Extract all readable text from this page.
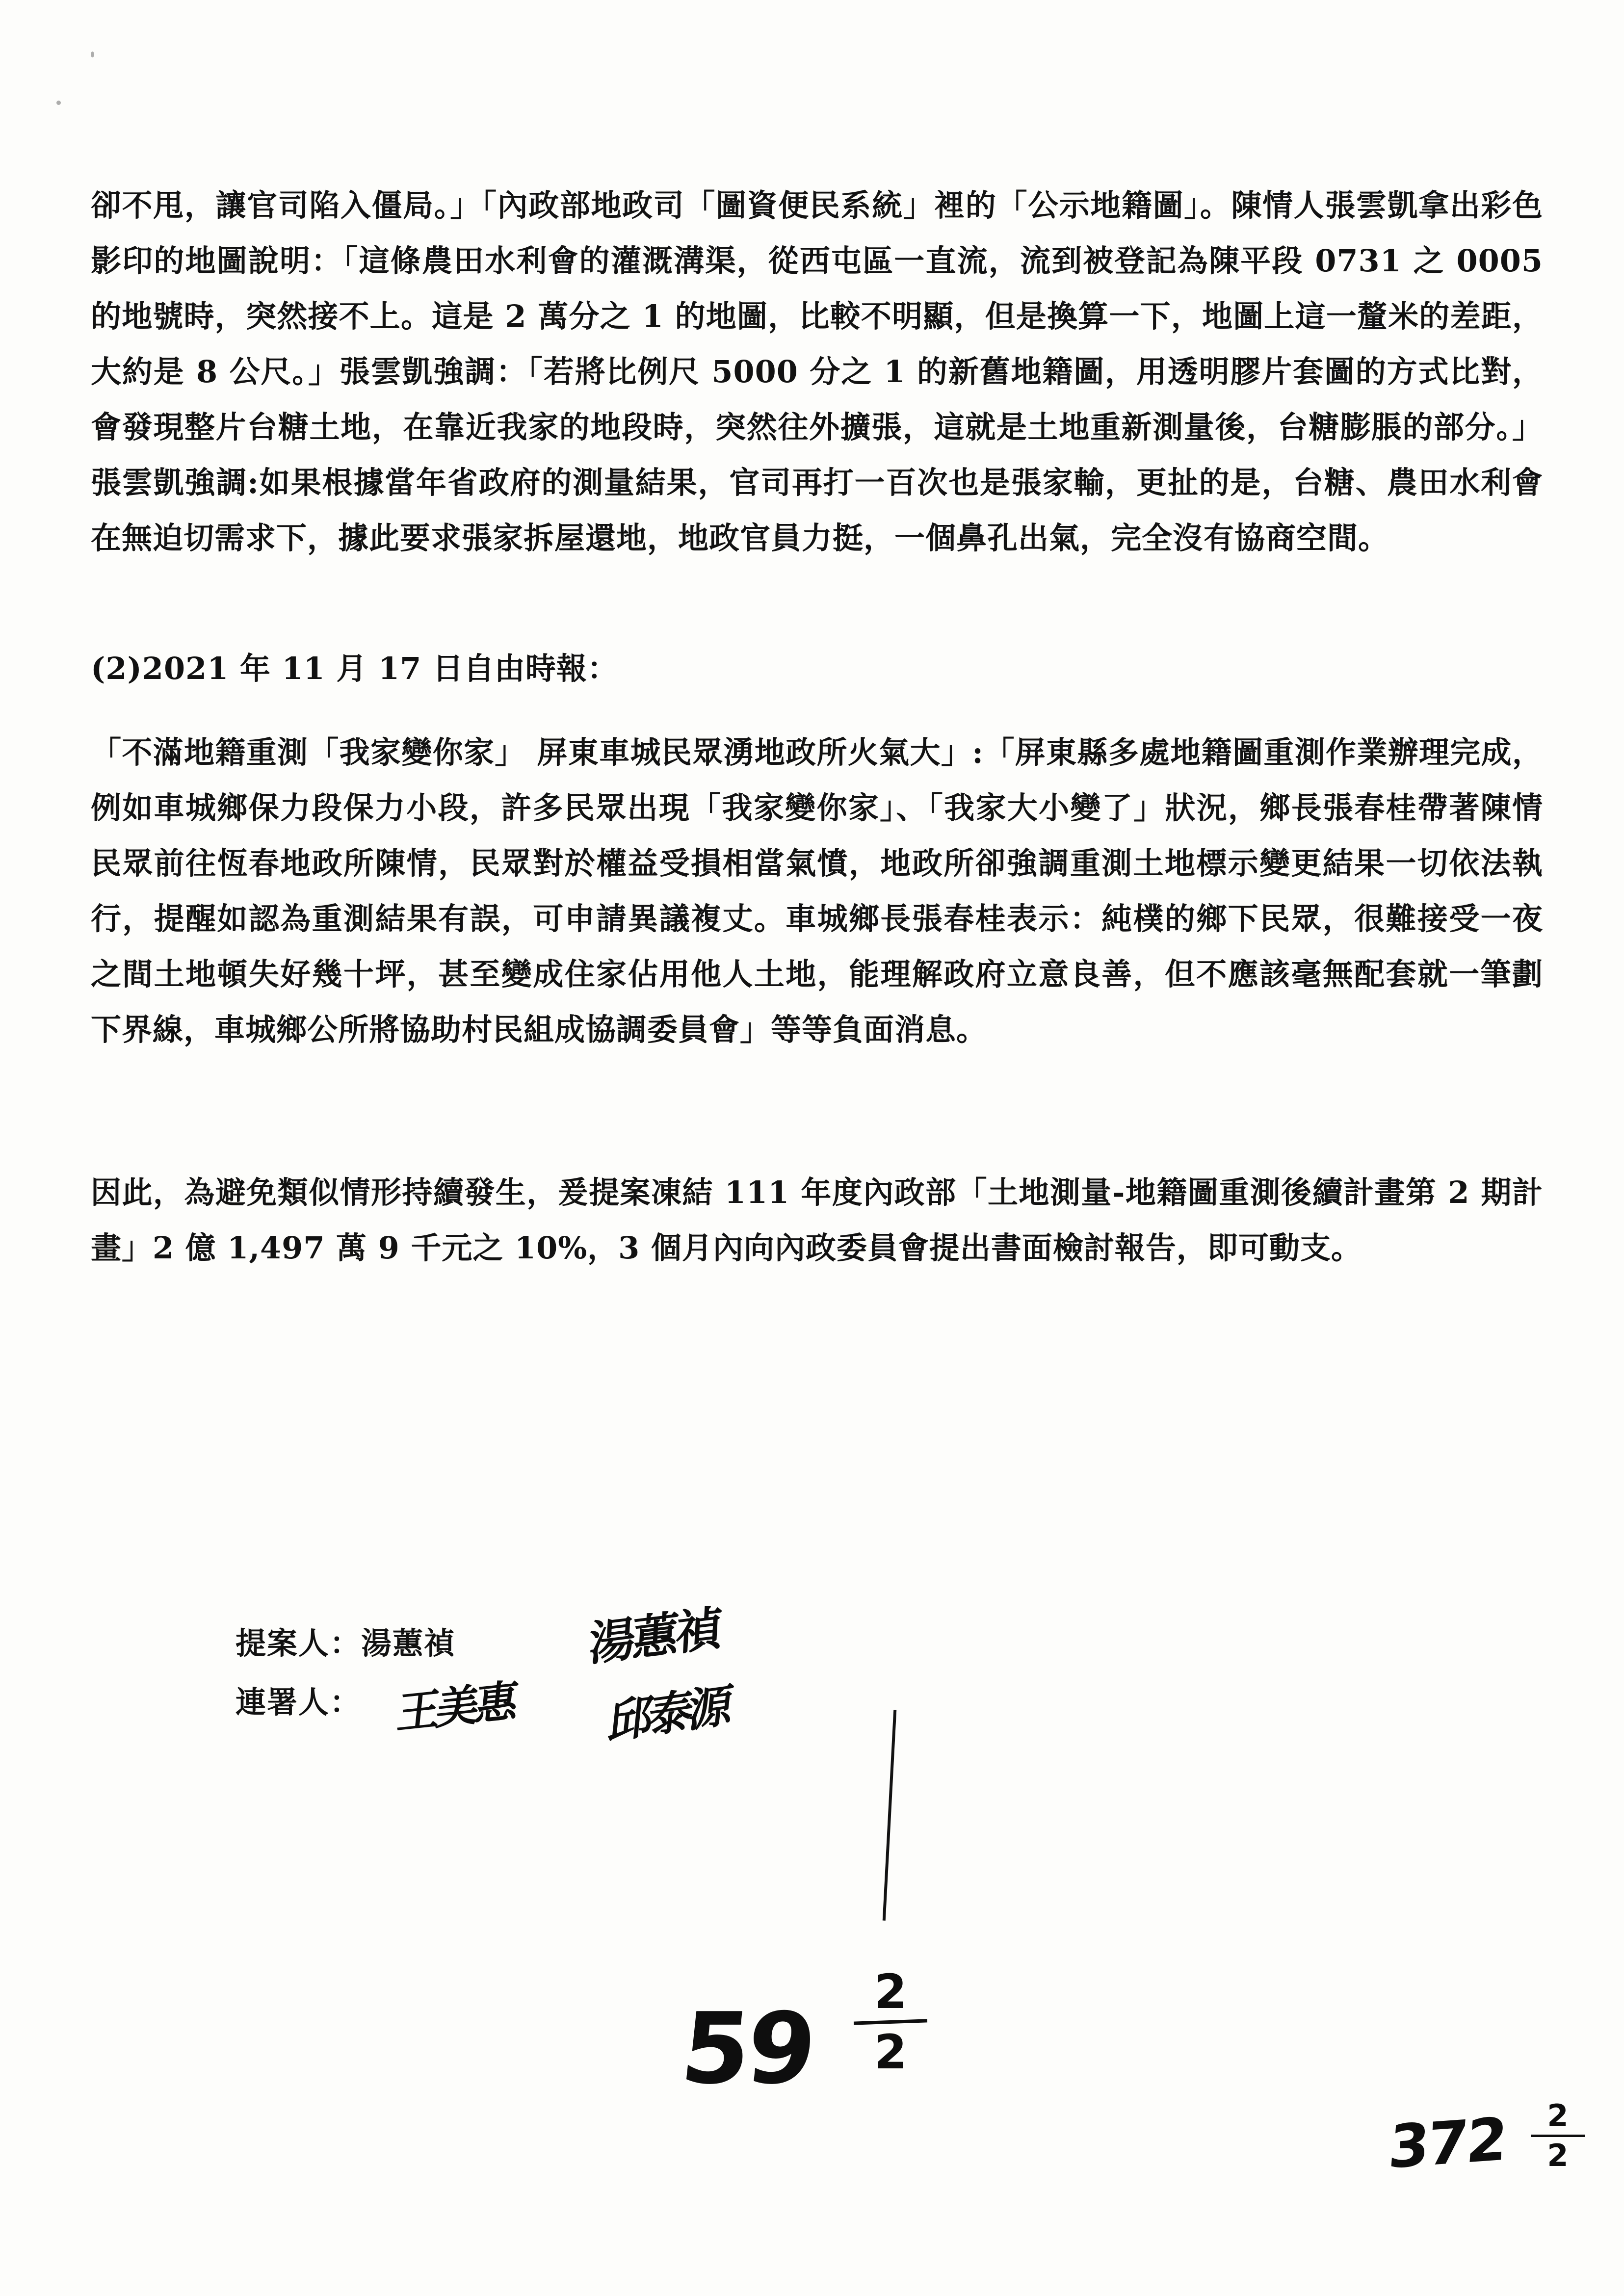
卻不甩，讓官司陷入僵局。」「內政部地政司「圖資便民系統」裡的「公示地籍圖」。陳情人張雲凱拿出彩色影印的地圖說明：「這條農田水利會的灌溉溝渠，從西屯區一直流，流到被登記為陳平段 0731 之 0005 的地號時，突然接不上。這是 2 萬分之 1 的地圖，比較不明顯，但是換算一下，地圖上這一釐米的差距，大約是 8 公尺。」張雲凱強調：「若將比例尺 5000 分之 1 的新舊地籍圖，用透明膠片套圖的方式比對，會發現整片台糖土地，在靠近我家的地段時，突然往外擴張，這就是土地重新測量後，台糖膨脹的部分。」張雲凱強調:如果根據當年省政府的測量結果，官司再打一百次也是張家輸，更扯的是，台糖、農田水利會在無迫切需求下，據此要求張家拆屋還地，地政官員力挺，一個鼻孔出氣，完全沒有協商空間。

(2)2021 年 11 月 17 日自由時報：

「不滿地籍重測「我家變你家」 屏東車城民眾湧地政所火氣大」:「屏東縣多處地籍圖重測作業辦理完成，例如車城鄉保力段保力小段，許多民眾出現「我家變你家」、「我家大小變了」狀況，鄉長張春桂帶著陳情民眾前往恆春地政所陳情，民眾對於權益受損相當氣憤，地政所卻強調重測土地標示變更結果一切依法執行，提醒如認為重測結果有誤，可申請異議複丈。車城鄉長張春桂表示：純樸的鄉下民眾，很難接受一夜之間土地頓失好幾十坪，甚至變成住家佔用他人土地，能理解政府立意良善，但不應該毫無配套就一筆劃下界線，車城鄉公所將協助村民組成協調委員會」等等負面消息。

因此，為避免類似情形持續發生，爰提案凍結 111 年度內政部「土地測量-地籍圖重測後續計畫第 2 期計畫」2 億 1,497 萬 9 千元之 10%，3 個月內向內政委員會提出書面檢討報告，即可動支。

提案人：湯蕙禎
連署人：
湯蕙禎
王美惠 邱泰源
59	2
2
372	2
2
